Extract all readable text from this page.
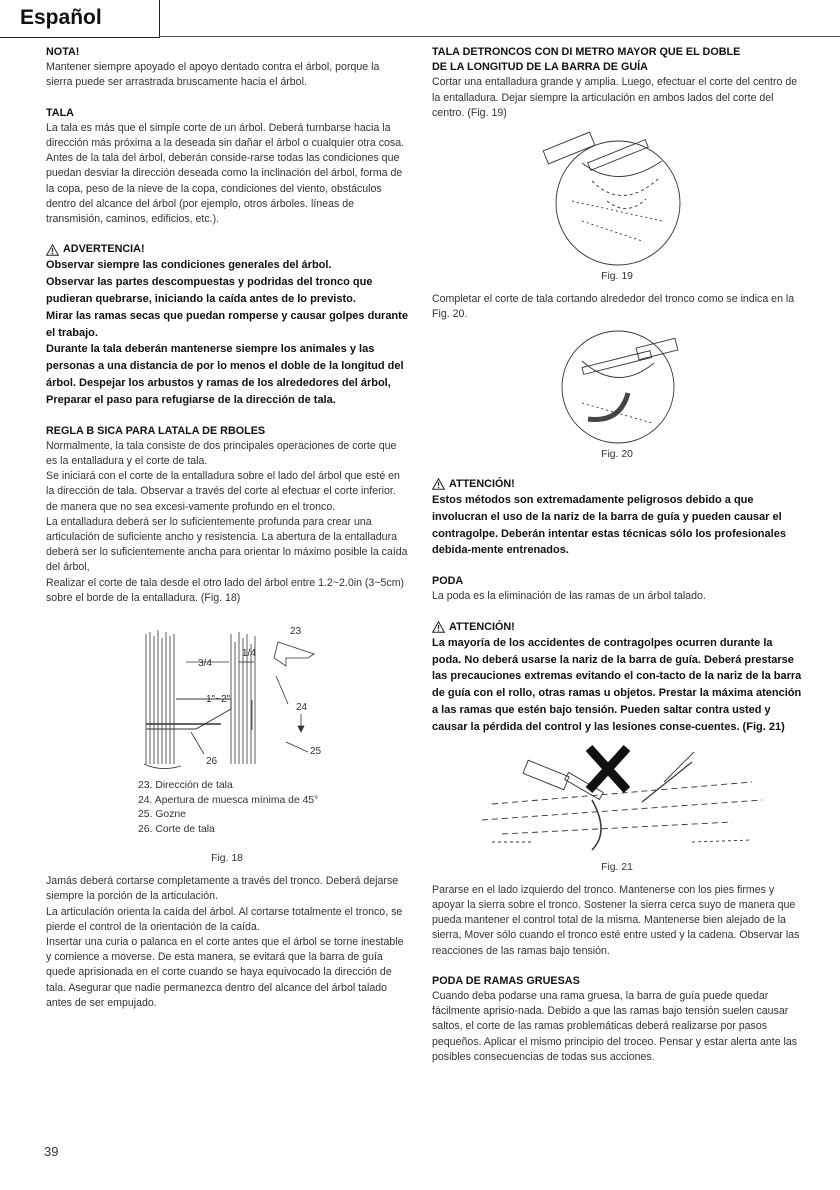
Español

NOTA!

Mantener siempre apoyado el apoyo dentado contra el árbol, porque la sierra puede ser arrastrada bruscamente hacia el árbol.

TALA

La tala es más que el simple corte de un árbol. Deberá turnbarse hacia la dirección más próxima a la deseada sin dañar el árbol o cualquier otra cosa.

Antes de la tala del árbol, deberán conside-rarse todas las condiciones que puedan desviar la dirección deseada como la inclinación del árbol, forma de la copa, peso de la nieve de la copa, condiciones del viento, obstáculos dentro del alcance del árbol (por ejemplo, otros árboles. líneas de transmisión, caminos, edificios, etc.).

ADVERTENCIA!

Observar siempre las condiciones generales del árbol.

Observar las partes descompuestas y podridas del tronco que pudieran quebrarse, iniciando la caída antes de lo previsto.

Mirar las ramas secas que puedan romperse y causar golpes durante el trabajo.

Durante la tala deberán mantenerse siempre los animales y las personas a una distancia de por lo menos el doble de la longitud del árbol. Despejar los arbustos y ramas de los alrededores del árbol,

Preparar el paso para refugiarse de la dirección de tala.

REGLA B SICA PARA LATALA DE RBOLES

Normalmente, la tala consiste de dos principales operaciones de corte que es la entalladura y el corte de tala.

Se iniciará con el corte de la entalladura sobre el lado del árbol que esté en la dirección de tala. Observar a través del corte al efectuar el corte inferior. de manera que no sea excesi-vamente profundo en el tronco.

La entalladura deberá ser lo suficientemente profunda para crear una articulación de suficiente ancho y resistencia. La abertura de la entalladura deberá ser lo suficientemente ancha para orientar lo máximo posible la caída del árbol,

Realizar el corte de tala desde el otro lado del árbol entre 1.2~2.0in (3~5cm) sobre el borde de la entalladura. (Fig. 18)

23
3/4
1/4
1"~2"
24
25
26
23. Dirección de tala
24. Apertura de muesca mínima de 45°
25. Gozne
26. Corte de tala
Fig. 18

Jamás deberá cortarse completamente a través del tronco. Deberá dejarse siempre la porción de la articulación.

La articulación orienta la caída del árbol. Al cortarse totalmente el tronco, se pierde el control de la orientación de la caída.

Insertar una curia o palanca en el corte antes que el árbol se torne inestable y comience a moverse. De esta manera, se evitará que la barra de guía quede aprisionada en el corte cuando se haya equivocado la dirección de tala. Asegurar que nadie permanezca dentro del alcance del árbol talado antes de ser empujado.

TALA DETRONCOS CON DI METRO MAYOR QUE EL DOBLE

DE LA LONGITUD DE LA BARRA DE GUÍA

Cortar una entalladura grande y amplia. Luego, efectuar el corte del centro de la entalladura. Dejar siempre la articulación en ambos lados del corte del centro. (Fig. 19)

Fig. 19

Completar el corte de tala cortando alrededor del tronco como se indica en la Fig. 20.

Fig. 20
ATTENCIÓN!

Estos métodos son extremadamente peligrosos debido a que involucran el uso de la nariz de la barra de guía y pueden causar el contragolpe. Deberán intentar estas técnicas sólo los profesionales debida-mente entrenados.

PODA

La poda es la eliminación de las ramas de un árbol talado.

ATTENCIÓN!

La mayoría de los accidentes de contragolpes ocurren durante la poda. No deberá usarse la nariz de la barra de guía. Deberá prestarse las precauciones extremas evitando el con-tacto de la nariz de la barra de guía con el rollo, otras ramas u objetos. Prestar la máxima atención a las ramas que estén bajo tensión. Pueden saltar contra usted y causar la pérdida del control y las lesiones conse-cuentes. (Fig. 21)

Fig. 21

Pararse en el lado izquierdo del tronco. Mantenerse con los pies firmes y apoyar la sierra sobre el tronco. Sostener la sierra cerca suyo de manera que pueda mantener el control total de la misma. Mantenerse bien alejado de la sierra, Mover sólo cuando el tronco esté entre usted y la cadena. Observar las reacciones de las ramas bajo tensión.

PODA DE RAMAS GRUESAS

Cuando deba podarse una rama gruesa, la barra de guía puede quedar fácilmente aprisio-nada. Debido a que las ramas bajo tensión suelen causar saltos, el corte de las ramas problemáticas deberá realizarse por pasos pequeños. Aplicar el mismo principio del troceo. Pensar y estar alerta ante las posibles consecuencias de todas sus acciones.

39
